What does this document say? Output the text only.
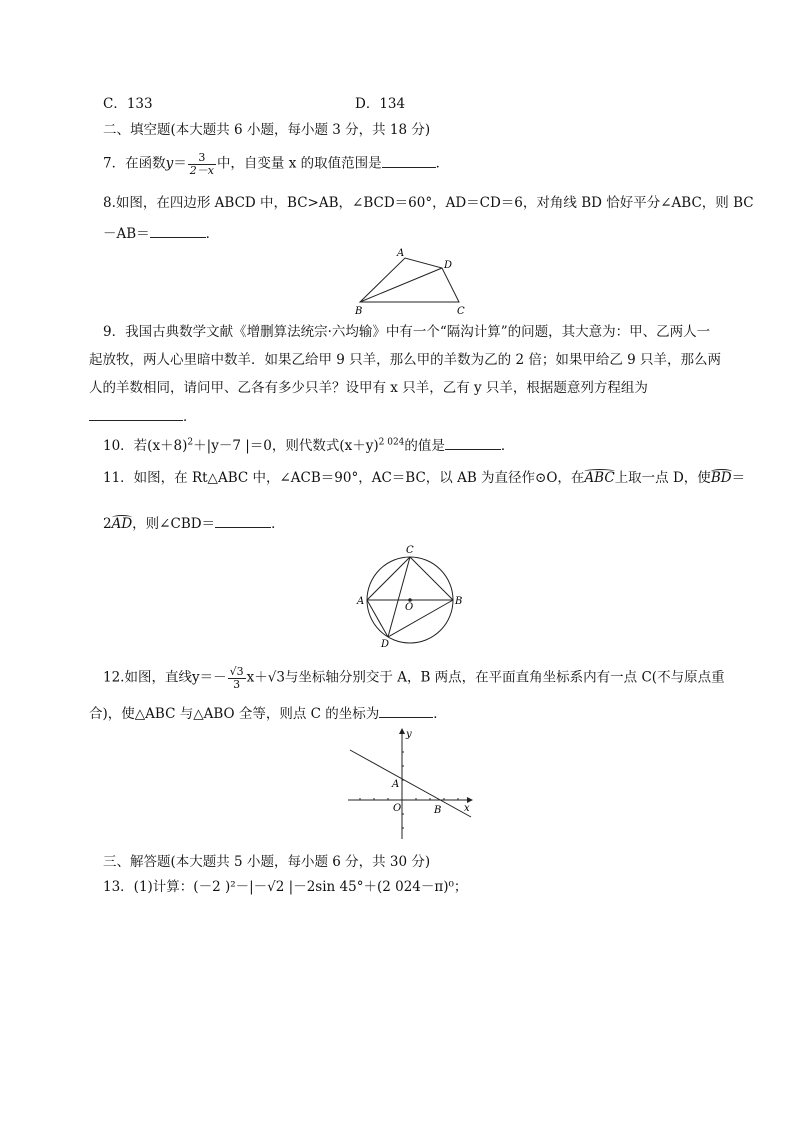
C．133	D．134
二、填空题(本大题共 6 小题，每小题 3 分，共 18 分)
7．在函数$y= \frac{3}{2-x}$ 中，自变量 x 的取值范围是	．
8.如图，在四边形 ABCD 中，BC>AB，∠BCD＝60°，AD＝CD＝6，对角线 BD 恰好平分∠ABC，则 BC
－AB＝	．
A
D
B	C
9．我国古典数学文献《增删算法统宗·六均输》中有一个“隔沟计算”的问题，其大意为：甲、乙两人一
起放牧，两人心里暗中数羊．如果乙给甲 9 只羊，那么甲的羊数为乙的 2 倍；如果甲给乙 9 只羊，那么两
人的羊数相同，请问甲、乙各有多少只羊？设甲有 x 只羊，乙有 y 只羊，根据题意列方程组为
．
10．若$(x+8)^2+|y-7$ |＝0，则代数式$(x+y)^{2 024}$的值是	．
11．如图，在 Rt△ABC 中，∠ACB＝90°，AC＝BC，以 AB 为直径作⊙O，在ABC上取一点 D，使BD＝
2AD，则∠CBD＝	．
C
A	B
O
D
12.如图，直线$y=- \frac{√3}{3} x+√3$与坐标轴分别交于 A，B 两点，在平面直角坐标系内有一点 C(不与原点重
合)，使△ABC 与△ABO 全等，则点 C 的坐标为	．
y
x
A
O	B
三、解答题(本大题共 5 小题，每小题 6 分，共 30 分)
13．(1)计算：(－2 )²－|－√2 |－2sin 45°＋(2 024－π)⁰；
